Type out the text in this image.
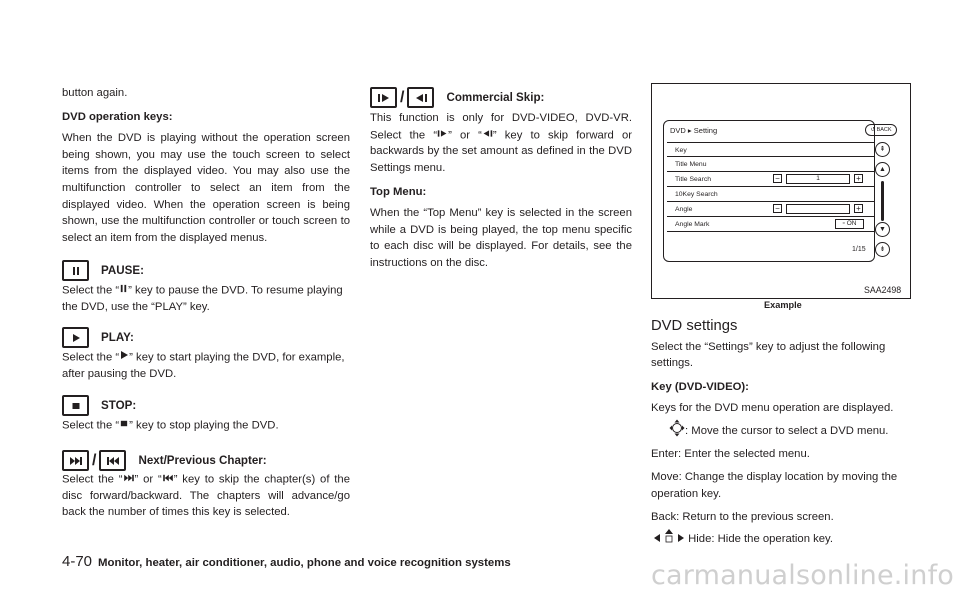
button again.

DVD operation keys:

When the DVD is playing without the operation screen being shown, you may use the touch screen to select items from the displayed video. You may also use the multifunction controller to select an item from the displayed video. When the operation screen is being shown, use the multifunction controller or touch screen to select an item from the displayed menus.

PAUSE:
Select the “ ” key to pause the DVD. To resume playing the DVD, use the “PLAY” key.
PLAY:
Select the “ ” key to start playing the DVD, for example, after pausing the DVD.
STOP:
Select the “ ” key to stop playing the DVD.
/	Next/Previous Chapter:
Select the “ ” or “ ” key to skip the chapter(s) of the disc forward/backward. The chapters will advance/go back the number of times this key is selected.
/	Commercial Skip:

This function is only for DVD-VIDEO, DVD-VR. Select the “ ” or “ ” key to skip forward or backwards by the set amount as defined in the DVD Settings menu.

Top Menu:

When the “Top Menu” key is selected in the screen while a DVD is being played, the top menu specific to each disc will be displayed. For details, see the instructions on the disc.

DVD ▸ Setting	↺ BACK
Key
Title Menu
Title Search	−	1	+
10Key Search
Angle	−	+
Angle Mark	▫ ON
⇞
▲
▼
⇟
1/15
SAA2498
Example

DVD settings

Select the “Settings” key to adjust the following settings.

Key (DVD-VIDEO):

Keys for the DVD menu operation are displayed.

: Move the cursor to select a DVD menu.

Enter: Enter the selected menu.

Move: Change the display location by moving the operation key.

Back: Return to the previous screen.

Hide: Hide the operation key.

4-70 Monitor, heater, air conditioner, audio, phone and voice recognition systems	carmanualsonline.info
